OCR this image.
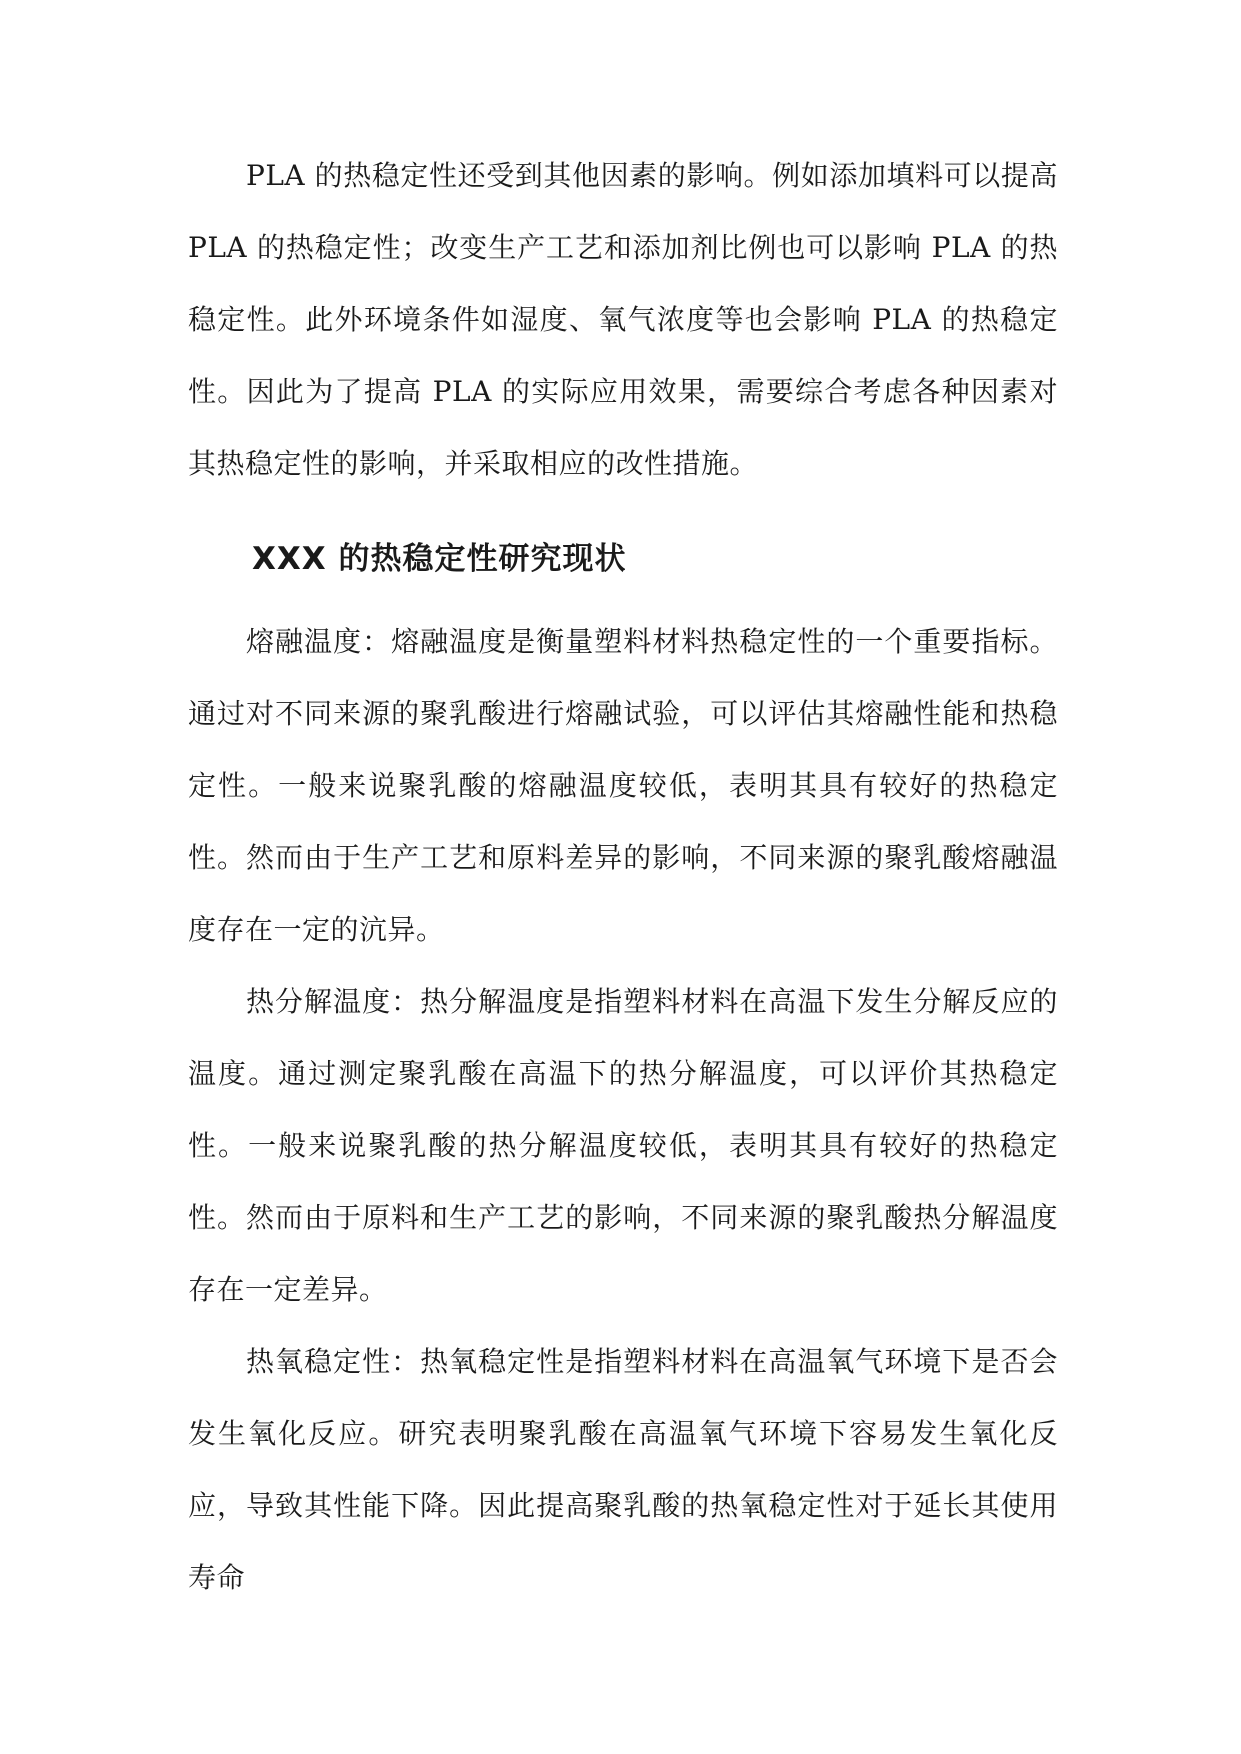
PLA 的热稳定性还受到其他因素的影响。例如添加填料可以提高 PLA 的热稳定性；改变生产工艺和添加剂比例也可以影响 PLA 的热稳定性。此外环境条件如湿度、氧气浓度等也会影响 PLA 的热稳定性。因此为了提高 PLA 的实际应用效果，需要综合考虑各种因素对其热稳定性的影响，并采取相应的改性措施。

XXX 的热稳定性研究现状

熔融温度：熔融温度是衡量塑料材料热稳定性的一个重要指标。通过对不同来源的聚乳酸进行熔融试验，可以评估其熔融性能和热稳定性。一般来说聚乳酸的熔融温度较低，表明其具有较好的热稳定性。然而由于生产工艺和原料差异的影响，不同来源的聚乳酸熔融温度存在一定的沆异。

热分解温度：热分解温度是指塑料材料在高温下发生分解反应的温度。通过测定聚乳酸在高温下的热分解温度，可以评价其热稳定性。一般来说聚乳酸的热分解温度较低，表明其具有较好的热稳定性。然而由于原料和生产工艺的影响，不同来源的聚乳酸热分解温度存在一定差异。

热氧稳定性：热氧稳定性是指塑料材料在高温氧气环境下是否会发生氧化反应。研究表明聚乳酸在高温氧气环境下容易发生氧化反应，导致其性能下降。因此提高聚乳酸的热氧稳定性对于延长其使用寿命
